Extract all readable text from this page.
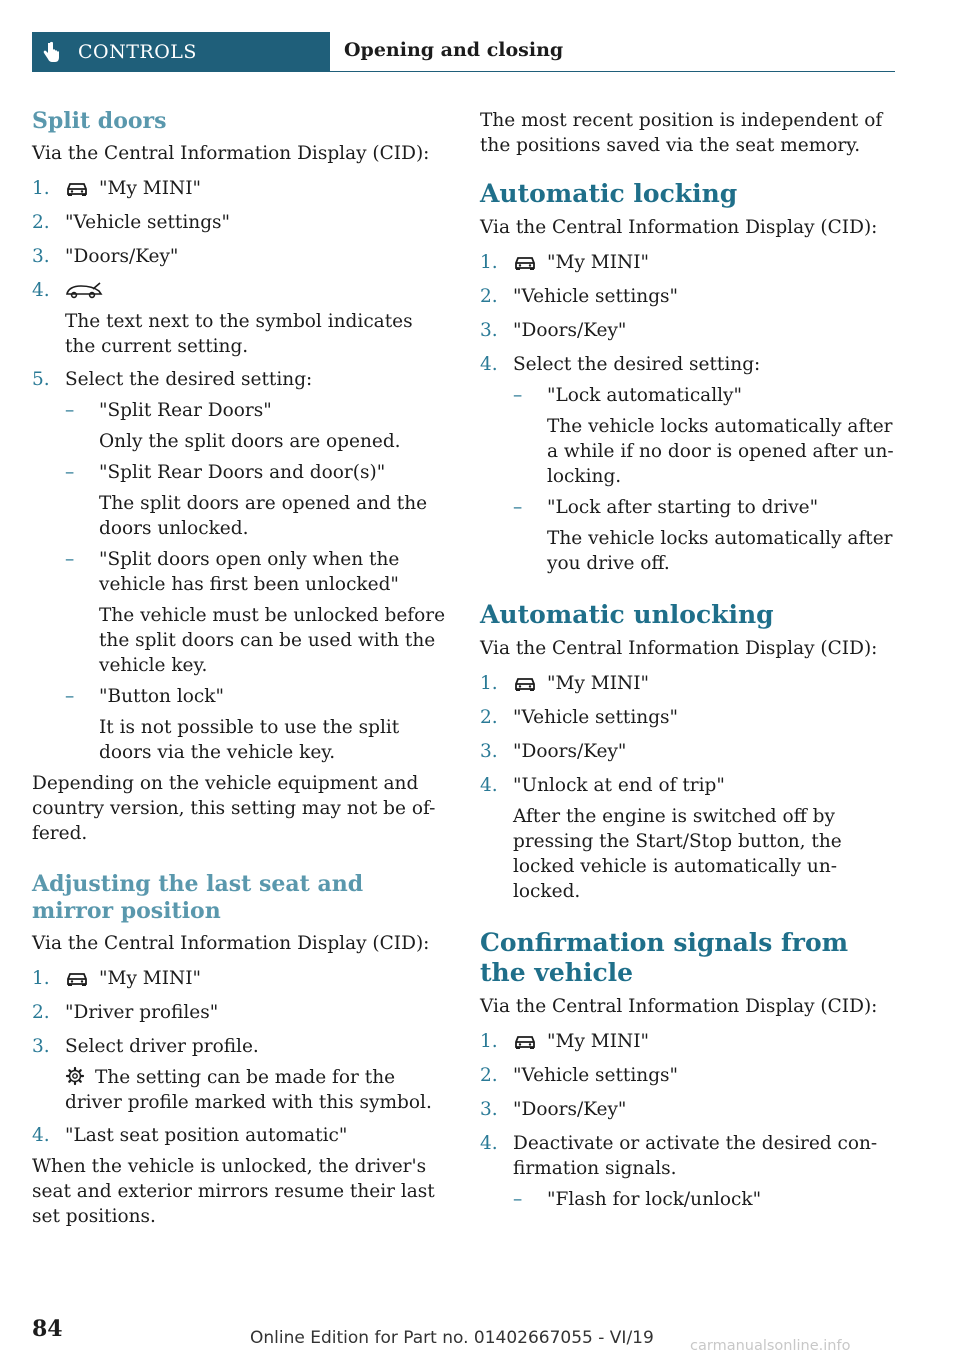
CONTROLS	Opening and closing

Split doors

Via the Central Information Display (CID):

1.	"My MINI"
2. "Vehicle settings"
3. "Doors/Key"
4.
The text next to the symbol indicates the current setting.
5. Select the desired setting:
– "Split Rear Doors"
Only the split doors are opened.
– "Split Rear Doors and door(s)"
The split doors are opened and the doors unlocked.
– "Split doors open only when the vehicle has first been unlocked"
The vehicle must be unlocked before the split doors can be used with the vehicle key.
– "Button lock"
It is not possible to use the split doors via the vehicle key.

Depending on the vehicle equipment and country version, this setting may not be of-fered.

Adjusting the last seat and mirror position

Via the Central Information Display (CID):

1.	"My MINI"
2. "Driver profiles"
3. Select driver profile.
The setting can be made for the driver profile marked with this symbol.
4. "Last seat position automatic"

When the vehicle is unlocked, the driver's seat and exterior mirrors resume their last set positions.

The most recent position is independent of the positions saved via the seat memory.

Automatic locking

Via the Central Information Display (CID):

1.	"My MINI"
2. "Vehicle settings"
3. "Doors/Key"
4. Select the desired setting:
– "Lock automatically"
The vehicle locks automatically after a while if no door is opened after un-locking.
– "Lock after starting to drive"
The vehicle locks automatically after you drive off.

Automatic unlocking

Via the Central Information Display (CID):

1.	"My MINI"
2. "Vehicle settings"
3. "Doors/Key"
4. "Unlock at end of trip"
After the engine is switched off by pressing the Start/Stop button, the locked vehicle is automatically un-locked.

Confirmation signals from the vehicle

Via the Central Information Display (CID):

1.	"My MINI"
2. "Vehicle settings"
3. "Doors/Key"
4. Deactivate or activate the desired con-firmation signals.
– "Flash for lock/unlock"
84	Online Edition for Part no. 01402667055 - VI/19 carmanualsonline.info
